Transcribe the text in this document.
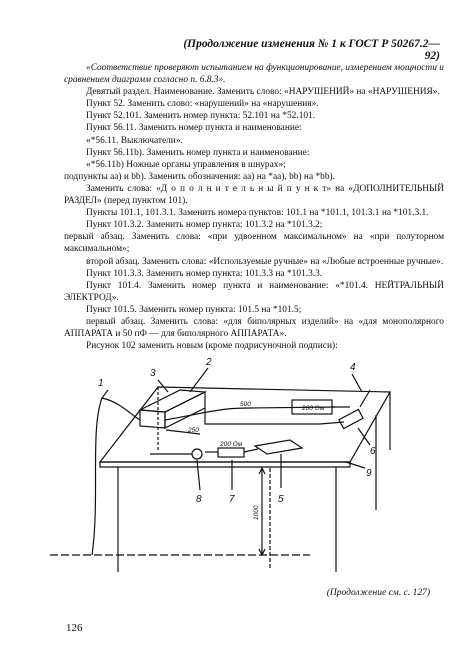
(Продолжение изменения № 1 к ГОСТ Р 50267.2—92)

«Соответствие проверяют испытанием на функционирование, измерением мощности и сравнением диаграмм согласно п. 6.8.3».

Девятый раздел. Наименование. Заменить слово: «НАРУШЕНИЙ» на «НАРУШЕНИЯ».

Пункт 52. Заменить слово: «нарушений» на «нарушения».

Пункт 52.101. Заменить номер пункта: 52.101 на *52.101.

Пункт 56.11. Заменить номер пункта и наименование:

«*56.11. Выключатели».

Пункт 56.11b). Заменить номер пункта и наименование:

«*56.11b) Ножные органы управления в шнурах»;

подпункты aa) и bb). Заменить обозначения: aa) на *aa), bb) на *bb).

Заменить слова: «Д о п о л н и т е л ь н ы й п у н к т» на «ДОПОЛНИТЕЛЬНЫЙ РАЗДЕЛ» (перед пунктом 101).

Пункты 101.1, 101.3.1. Заменить номера пунктов: 101.1 на *101.1, 101.3.1 на *101.3.1.

Пункт 101.3.2. Заменить номер пункта: 101.3.2 на *101.3.2;

первый абзац. Заменить слова: «при удвоенном максимальном» на «при полуторном максимальном»;

второй абзац. Заменить слова: «Используемые ручные» на «Любые встроенные ручные».

Пункт 101.3.3. Заменить номер пункта: 101.3.3 на *101.3.3.

Пункт 101.4. Заменить номер пункта и наименование: «*101.4. НЕЙТРАЛЬНЫЙ ЭЛЕКТРОД».

Пункт 101.5. Заменить номер пункта: 101.5 на *101.5;

первый абзац. Заменить слова: «для биполярных изделий» на «для монополярного АППАРАТА и 50 пФ — для биполярного АППАРАТА».

Рисунок 102 заменить новым (кроме подрисуночной подписи):

3
2	4
1
6
9
8	7	5
500
200 Ом
250
200 Ом
1000
(Продолжение см. с. 127)
126
